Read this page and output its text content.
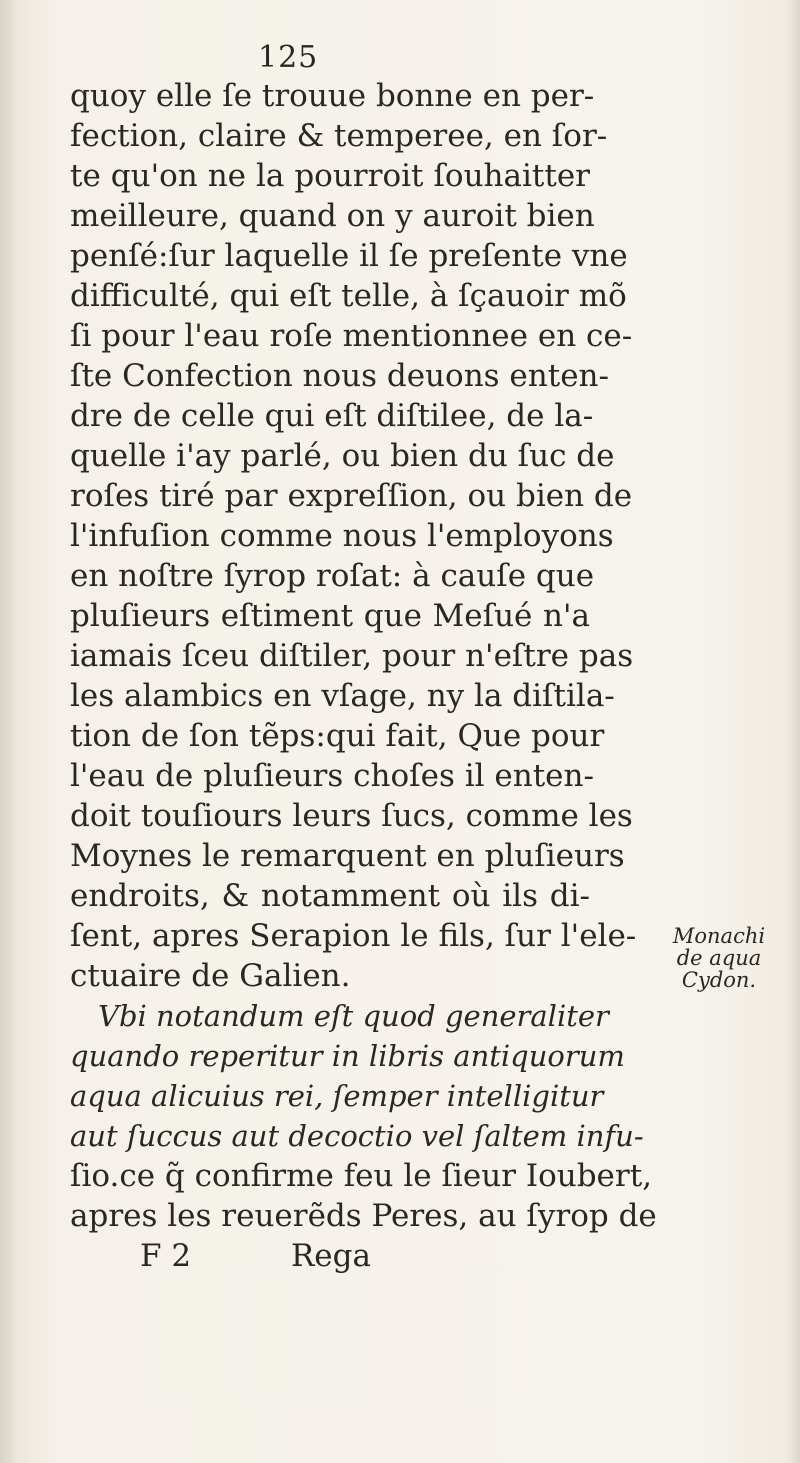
125
quoy elle ſe trouue bonne en per-
fection, claire & temperee, en ſor-
te qu'on ne la pourroit ſouhaitter
meilleure, quand on y auroit bien
penſé:ſur laquelle il ſe preſente vne
difficulté, qui eſt telle, à ſçauoir mõ
ſi pour l'eau roſe mentionnee en ce-
ſte Confection nous deuons enten-
dre de celle qui eſt diſtilee, de la-
quelle i'ay parlé, ou bien du ſuc de
roſes tiré par expreſſion, ou bien de
l'infuſion comme nous l'employons
en noſtre ſyrop roſat: à cauſe que
pluſieurs eſtiment que Meſué n'a
iamais ſceu diſtiler, pour n'eſtre pas
les alambics en vſage, ny la diſtila-
tion de ſon tẽps:qui fait, Que pour
l'eau de pluſieurs choſes il enten-
doit touſiours leurs ſucs, comme les
Moynes le remarquent en pluſieurs
endroits, & notamment où ils di-
ſent, apres Serapion le fils, ſur l'ele-
ctuaire de Galien.
Vbi notandum eſt quod generaliter
quando reperitur in libris antiquorum
aqua alicuius rei, ſemper intelligitur
aut ſuccus aut decoctio vel ſaltem infu-
ſio.ce q̃ confirme feu le ſieur Ioubert,
apres les reuerẽds Peres, au ſyrop de
F 2	Rega
Monachi
de aqua
Cydon.
